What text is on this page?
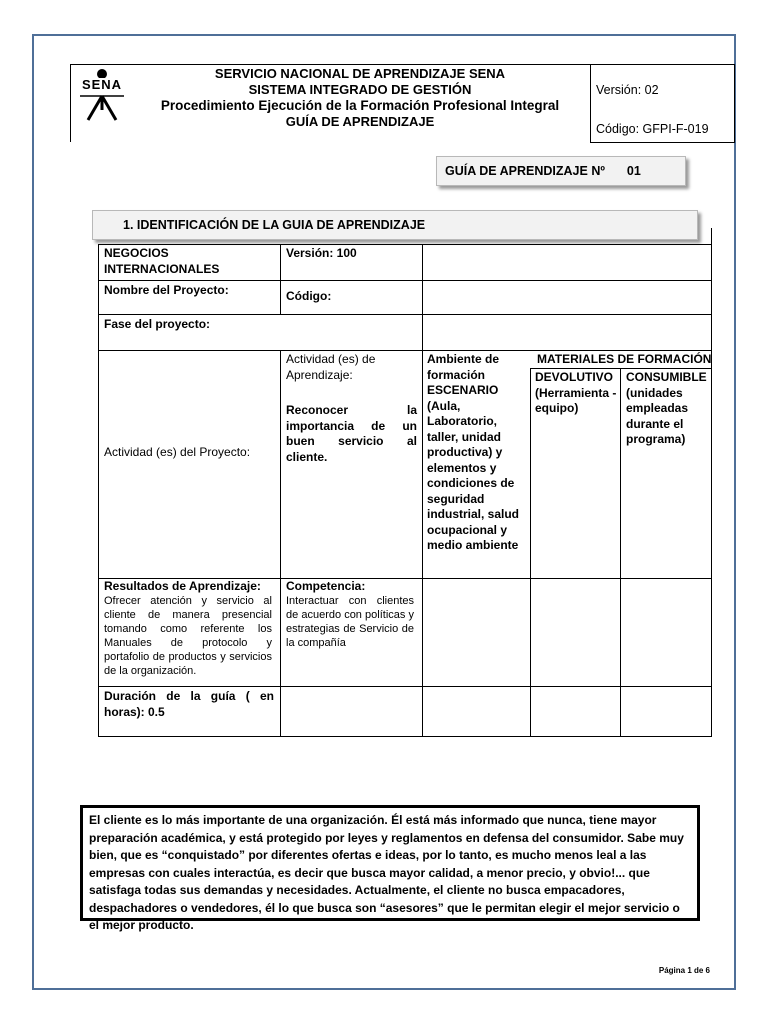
SENA
SERVICIO NACIONAL DE APRENDIZAJE SENA
SISTEMA INTEGRADO DE GESTIÓN
Procedimiento Ejecución de la Formación Profesional Integral
GUÍA DE APRENDIZAJE
Versión: 02
Código: GFPI-F-019
GUÍA DE APRENDIZAJE Nº 01
1. IDENTIFICACIÓN DE LA GUIA DE APRENDIZAJE
NEGOCIOS INTERNACIONALES
Versión: 100
Nombre del Proyecto:	Código:
Fase del proyecto:
Actividad (es) del Proyecto:
Actividad (es) de Aprendizaje:
Reconocer la importancia de un buen servicio al cliente.
Ambiente de formación ESCENARIO (Aula, Laboratorio, taller, unidad productiva) y elementos y condiciones de seguridad industrial, salud ocupacional y medio ambiente
MATERIALES DE FORMACIÓN
DEVOLUTIVO (Herramienta - equipo)
CONSUMIBLE (unidades empleadas durante el programa)
Resultados de Aprendizaje:
Ofrecer atención y servicio al cliente de manera presencial tomando como referente los Manuales de protocolo y portafolio de productos y servicios de la organización.
Competencia:
Interactuar con clientes de acuerdo con políticas y estrategias de Servicio de la compañía
Duración de la guía ( en horas): 0.5
El cliente es lo más importante de una organización. Él está más informado que nunca, tiene mayor preparación académica, y está protegido por leyes y reglamentos en defensa del consumidor. Sabe muy bien, que es “conquistado” por diferentes ofertas e ideas, por lo tanto, es mucho menos leal a las empresas con cuales interactúa, es decir que busca mayor calidad, a menor precio, y obvio!... que satisfaga todas sus demandas y necesidades. Actualmente, el cliente no busca empacadores, despachadores o vendedores, él lo que busca son “asesores” que le permitan elegir el mejor servicio o el mejor producto.
Página 1 de 6
